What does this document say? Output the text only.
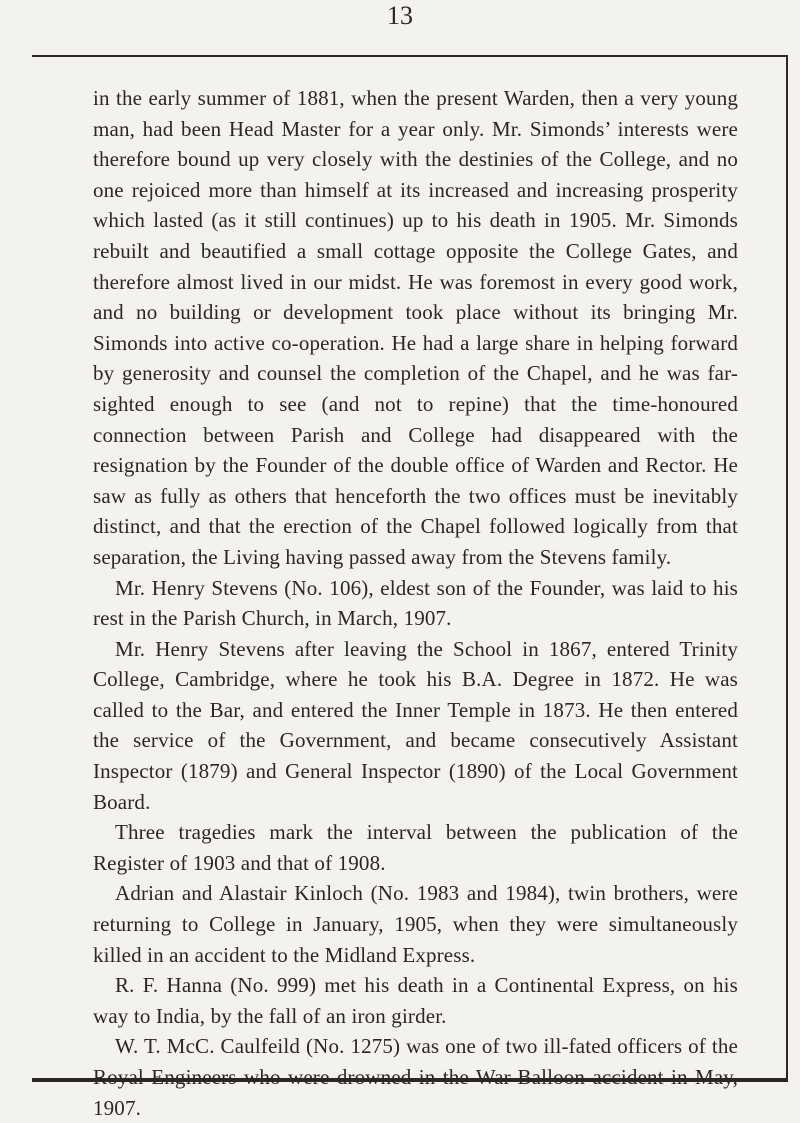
13

in the early summer of 1881, when the present Warden, then a very young man, had been Head Master for a year only. Mr. Simonds’ interests were therefore bound up very closely with the destinies of the College, and no one rejoiced more than himself at its increased and increasing prosperity which lasted (as it still continues) up to his death in 1905. Mr. Simonds rebuilt and beautified a small cottage opposite the College Gates, and therefore almost lived in our midst. He was foremost in every good work, and no building or development took place without its bringing Mr. Simonds into active co-operation. He had a large share in helping forward by generosity and counsel the completion of the Chapel, and he was far-sighted enough to see (and not to repine) that the time-honoured connection between Parish and College had disappeared with the resignation by the Founder of the double office of Warden and Rector. He saw as fully as others that henceforth the two offices must be inevitably distinct, and that the erection of the Chapel followed logically from that separation, the Living having passed away from the Stevens family.

Mr. Henry Stevens (No. 106), eldest son of the Founder, was laid to his rest in the Parish Church, in March, 1907.

Mr. Henry Stevens after leaving the School in 1867, entered Trinity College, Cambridge, where he took his B.A. Degree in 1872. He was called to the Bar, and entered the Inner Temple in 1873. He then entered the service of the Government, and became consecutively Assistant Inspector (1879) and General Inspector (1890) of the Local Government Board.

Three tragedies mark the interval between the publication of the Register of 1903 and that of 1908.

Adrian and Alastair Kinloch (No. 1983 and 1984), twin brothers, were returning to College in January, 1905, when they were simultaneously killed in an accident to the Midland Express.

R. F. Hanna (No. 999) met his death in a Continental Express, on his way to India, by the fall of an iron girder.

W. T. McC. Caulfeild (No. 1275) was one of two ill-fated officers of the Royal Engineers who were drowned in the War-Balloon accident in May, 1907.
